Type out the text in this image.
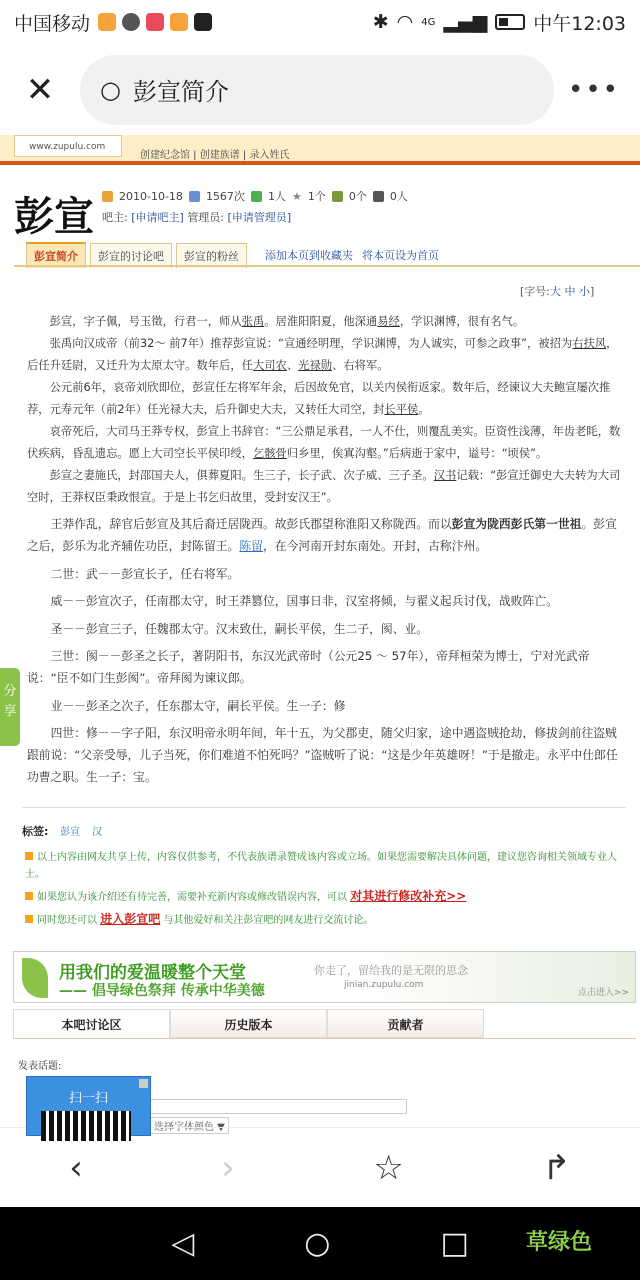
中国移动	✱ ◠ 4G ▂▄▆ 中午12:03
✕	○ 彭宣简介	•••
www.zupulu.com
创建纪念馆 | 创建族谱 | 录入姓氏
彭宣 2010-10-18 1567次 1人 ★ 1个 0个 0人
吧主: [申请吧主] 管理员: [申请管理员]
彭宣简介	彭宣的讨论吧	彭宣的粉丝	添加本页到收藏夹 将本页设为首页
[字号:大 中 小]

彭宣，字子佩，号玉徵，行君一，师从张禹。居淮阳阳夏，他深通易经，学识渊博，很有名气。

张禹向汉成帝（前32～ 前7年）推荐彭宣说：“宣通经明理，学识渊博，为人诚实，可参之政事”，被招为右扶风，后任升廷尉，又迁升为太原太守。数年后，任大司农、光禄勋、右将军。

公元前6年，哀帝刘欣即位，彭宣任左将军年余，后因故免官，以关内侯衔返家。数年后，经谏议大夫鲍宣屡次推荐，元寿元年（前2年）任光禄大夫，后升御史大夫，又转任大司空，封长平侯。

哀帝死后，大司马王莽专权，彭宣上书辞官：“三公鼎足承君，一人不仕，则覆乱美实。臣资性浅薄，年齿老眊，数伏疾病，昏乱遗忘。愿上大司空长平侯印绶，乞骸骨归乡里，俟寘沟壑。”后病逝于家中，谥号：“顷侯”。

彭宣之妻施氏，封邵国夫人，俱葬夏阳。生三子，长子武、次子威、三子圣。汉书记载：“彭宣迁御史大夫转为大司空时，王莽权臣秉政恨宣。于是上书乞归故里，受封安汉王”。

王莽作乱，辞官后彭宣及其后裔迁居陇西。故彭氏郡望称淮阳又称陇西。而以彭宣为陇西彭氏第一世祖。彭宣之后，彭乐为北齐辅佐功臣，封陈留王。陈留，在今河南开封东南处。开封，古称汴州。

二世：武－－彭宣长子，任右将军。

威－－彭宣次子，任南郡太守，时王莽篡位，国事日非，汉室将倾，与翟义起兵讨伐，战败阵亡。

圣－－彭宣三子，任魏郡太守。汉末致仕，嗣长平侯，生二子，阂、业。

三世：阂－－彭圣之长子，著阴阳书，东汉光武帝时（公元25 ～ 57年），帝拜桓荣为博士，宁对光武帝说：“臣不如门生彭阂”。帝拜阂为谏议郎。

业－－彭圣之次子，任东郡太守，嗣长平侯。生一子：修

四世：修－－字子阳，东汉明帝永明年间，年十五，为父郡吏，随父归家，途中遇盗贼抢劫，修拔剑前往盗贼跟前说：“父亲受辱，儿子当死，你们难道不怕死吗？”盗贼听了说：“这是少年英雄呀！”于是撤走。永平中仕郎任功曹之职。生一子：宝。

标签: 彭宣 汉

以上内容由网友共享上传，内容仅供参考，不代表族谱录赞成该内容或立场。如果您需要解决具体问题，建议您咨询相关领域专业人士。

如果您认为该介绍还有待完善，需要补充新内容或修改错误内容，可以 对其进行修改补充>>

同时您还可以 进入彭宣吧 与其他爱好和关注彭宣吧的网友进行交流讨论。

用我们的爱温暖整个天堂
—— 倡导绿色祭拜 传承中华美德
你走了，留给我的是无限的思念
jinian.zupulu.com
点击进入>>
本吧讨论区	历史版本	贡献者
发表话题:
选择字体颜色 ▼
扫一扫
分享
‹	›	☆	↱
◁	○	□	草绿色
